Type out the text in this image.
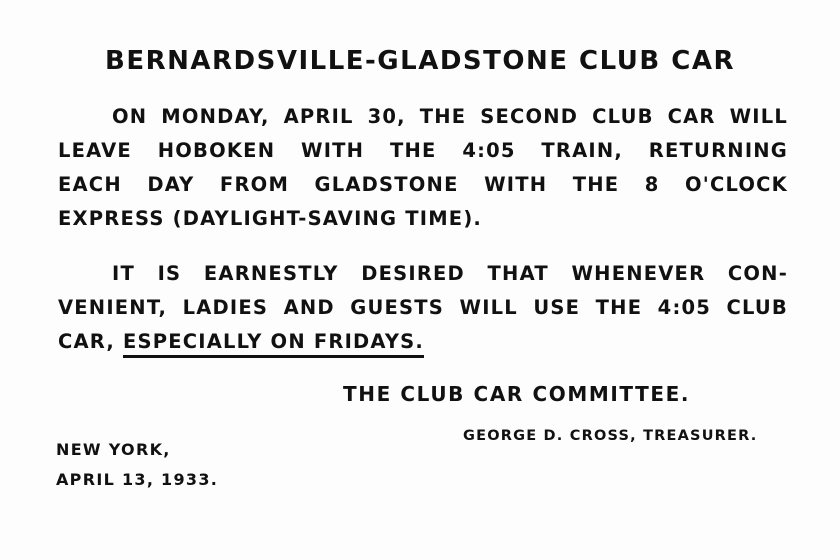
BERNARDSVILLE-GLADSTONE CLUB CAR
ON MONDAY, APRIL 30, THE SECOND CLUB CAR WILL
LEAVE HOBOKEN WITH THE 4:05 TRAIN, RETURNING
EACH DAY FROM GLADSTONE WITH THE 8 O'CLOCK
EXPRESS (DAYLIGHT-SAVING TIME).
IT IS EARNESTLY DESIRED THAT WHENEVER CON-
VENIENT, LADIES AND GUESTS WILL USE THE 4:05 CLUB
CAR, ESPECIALLY ON FRIDAYS.
THE CLUB CAR COMMITTEE.
GEORGE D. CROSS, TREASURER.
NEW YORK,
APRIL 13, 1933.
